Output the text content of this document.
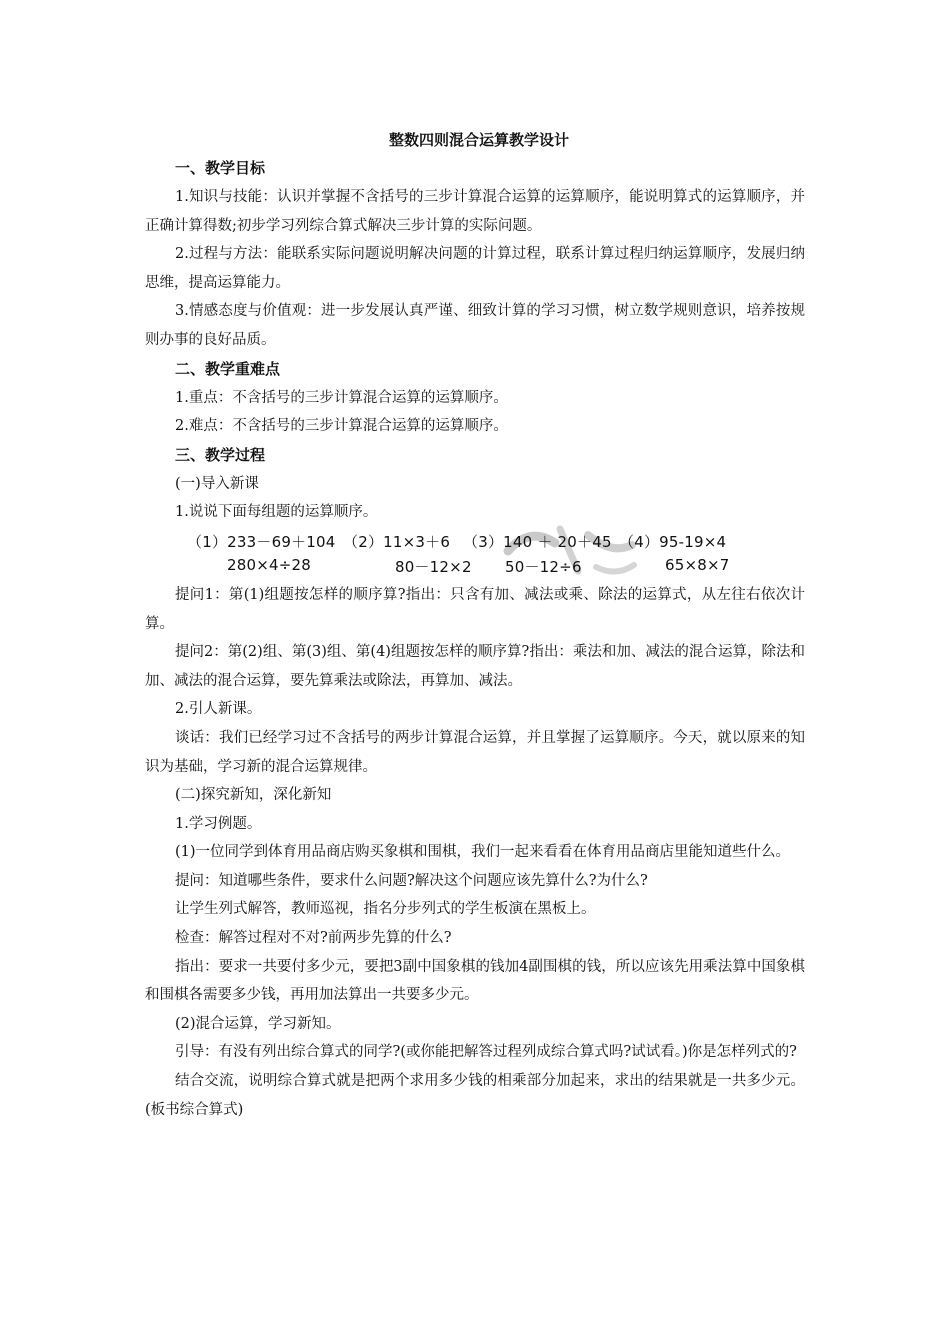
整数四则混合运算教学设计
一、教学目标

1.知识与技能：认识并掌握不含括号的三步计算混合运算的运算顺序，能说明算式的运算顺序，并正确计算得数;初步学习列综合算式解决三步计算的实际问题。

2.过程与方法：能联系实际问题说明解决问题的计算过程，联系计算过程归纳运算顺序，发展归纳思维，提高运算能力。

3.情感态度与价值观：进一步发展认真严谨、细致计算的学习习惯，树立数学规则意识，培养按规则办事的良好品质。

二、教学重难点

1.重点：不含括号的三步计算混合运算的运算顺序。

2.难点：不含括号的三步计算混合运算的运算顺序。

三、教学过程

(一)导入新课

1.说说下面每组题的运算顺序。

（1）233－69＋104 （2）11×3＋6 （3）140 ＋ 20＋45 （4）95-19×4
280×4÷28	80－12×2 50－12÷6	65×8×7

提问1：第(1)组题按怎样的顺序算?指出：只含有加、减法或乘、除法的运算式，从左往右依次计算。

提问2：第(2)组、第(3)组、第(4)组题按怎样的顺序算?指出：乘法和加、减法的混合运算，除法和加、减法的混合运算，要先算乘法或除法，再算加、减法。

2.引人新课。

谈话：我们已经学习过不含括号的两步计算混合运算，并且掌握了运算顺序。今天，就以原来的知识为基础，学习新的混合运算规律。

(二)探究新知，深化新知

1.学习例题。

(1)一位同学到体育用品商店购买象棋和围棋，我们一起来看看在体育用品商店里能知道些什么。

提问：知道哪些条件，要求什么问题?解决这个问题应该先算什么?为什么?

让学生列式解答，教师巡视，指名分步列式的学生板演在黑板上。

检查：解答过程对不对?前两步先算的什么?

指出：要求一共要付多少元，要把3副中国象棋的钱加4副围棋的钱，所以应该先用乘法算中国象棋和围棋各需要多少钱，再用加法算出一共要多少元。

(2)混合运算，学习新知。

引导：有没有列出综合算式的同学?(或你能把解答过程列成综合算式吗?试试看。)你是怎样列式的?

结合交流，说明综合算式就是把两个求用多少钱的相乘部分加起来，求出的结果就是一共多少元。(板书综合算式)
